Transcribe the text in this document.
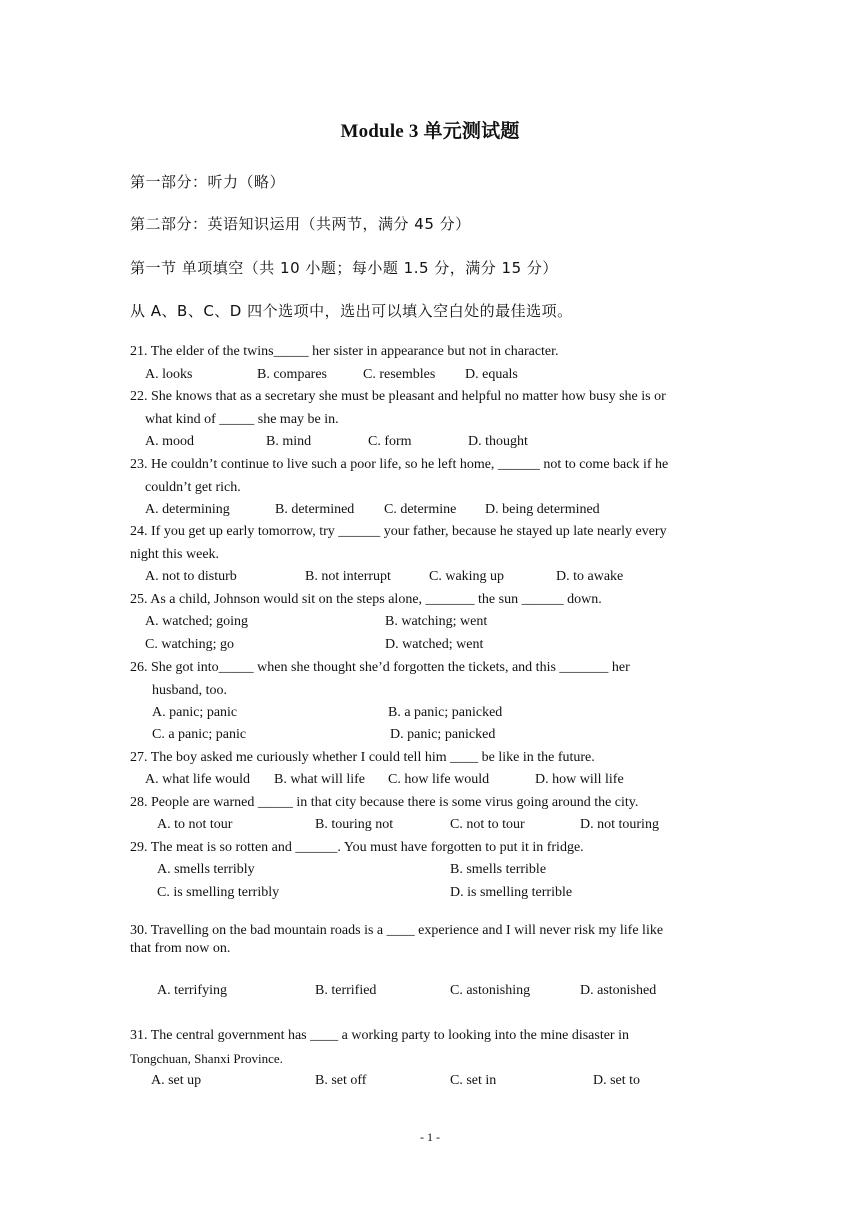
Module 3 单元测试题
第一部分：听力（略）
第二部分：英语知识运用（共两节，满分 45 分）
第一节 单项填空（共 10 小题；每小题 1.5 分，满分 15 分）
从 A、B、C、D 四个选项中，选出可以填入空白处的最佳选项。
21. The elder of the twins_____ her sister in appearance but not in character.
A. looks	B. compares	C. resembles D. equals
22. She knows that as a secretary she must be pleasant and helpful no matter how busy she is or
what kind of _____ she may be in.
A. mood	B. mind	C. form	D. thought
23. He couldn’t continue to live such a poor life, so he left home, ______ not to come back if he
couldn’t get rich.
A. determining	B. determined C. determine D. being determined
24. If you get up early tomorrow, try ______ your father, because he stayed up late nearly every
night this week.
A. not to disturb	B. not interrupt	C. waking up	D. to awake
25. As a child, Johnson would sit on the steps alone, _______ the sun ______ down.
A. watched; going	B. watching; went
C. watching; go	D. watched; went
26. She got into_____ when she thought she’d forgotten the tickets, and this _______ her
husband, too.
A. panic; panic	B. a panic; panicked
C. a panic; panic	D. panic; panicked
27. The boy asked me curiously whether I could tell him ____ be like in the future.
A. what life would B. what will life C. how life would	D. how will life
28. People are warned _____ in that city because there is some virus going around the city.
A. to not tour	B. touring not	C. not to tour	D. not touring
29. The meat is so rotten and ______. You must have forgotten to put it in fridge.
A. smells terribly	B. smells terrible
C. is smelling terribly	D. is smelling terrible
30. Travelling on the bad mountain roads is a ____ experience and I will never risk my life like
that from now on.
A. terrifying	B. terrified	C. astonishing	D. astonished
31. The central government has ____ a working party to looking into the mine disaster in
Tongchuan, Shanxi Province.
A. set up	B. set off	C. set in	D. set to
- 1 -
